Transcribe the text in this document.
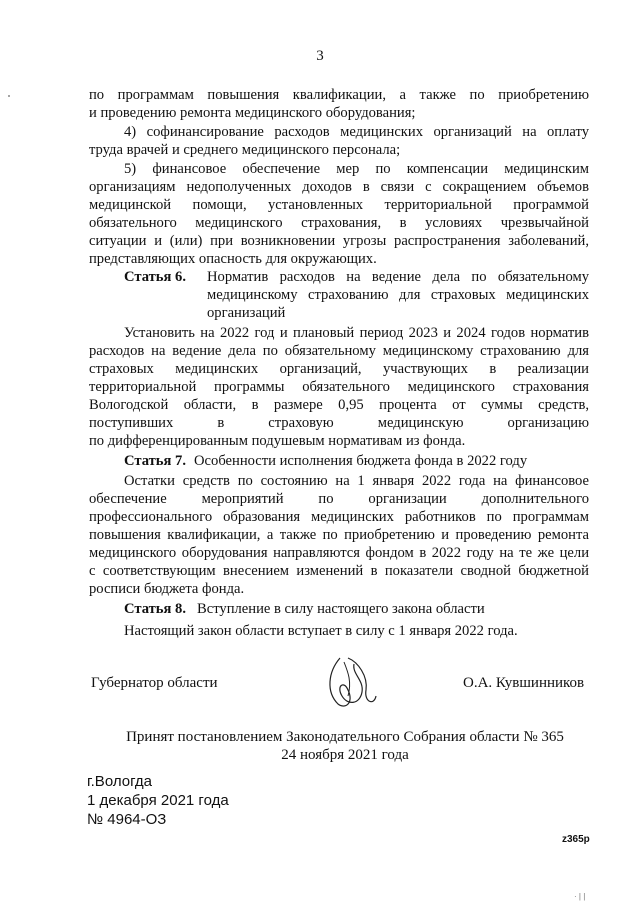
3
по программам повышения квалификации, а также по приобретению
и проведению ремонта медицинского оборудования;
4) софинансирование расходов медицинских организаций на оплату
труда врачей и среднего медицинского персонала;
5) финансовое обеспечение мер по компенсации медицинским
организациям недополученных доходов в связи с сокращением объемов
медицинской помощи, установленных территориальной программой
обязательного медицинского страхования, в условиях чрезвычайной
ситуации и (или) при возникновении угрозы распространения заболеваний,
представляющих опасность для окружающих.
Статья 6.	Норматив расходов на ведение дела по обязательному
медицинскому страхованию для страховых медицинских
организаций
Установить на 2022 год и плановый период 2023 и 2024 годов норматив
расходов на ведение дела по обязательному медицинскому страхованию для
страховых медицинских организаций, участвующих в реализации
территориальной программы обязательного медицинского страхования
Вологодской области, в размере 0,95 процента от суммы средств,
поступивших в страховую медицинскую организацию
по дифференцированным подушевым нормативам из фонда.
Статья 7. Особенности исполнения бюджета фонда в 2022 году
Остатки средств по состоянию на 1 января 2022 года на финансовое
обеспечение мероприятий по организации дополнительного
профессионального образования медицинских работников по программам
повышения квалификации, а также по приобретению и проведению ремонта
медицинского оборудования направляются фондом в 2022 году на те же цели
с соответствующим внесением изменений в показатели сводной бюджетной
росписи бюджета фонда.
Статья 8. Вступление в силу настоящего закона области
Настоящий закон области вступает в силу с 1 января 2022 года.
Губернатор области	О.А. Кувшинников
Принят постановлением Законодательного Собрания области № 365
24 ноября 2021 года
г.Вологда
1 декабря 2021 года
№ 4964-ОЗ
z365p
· | |
